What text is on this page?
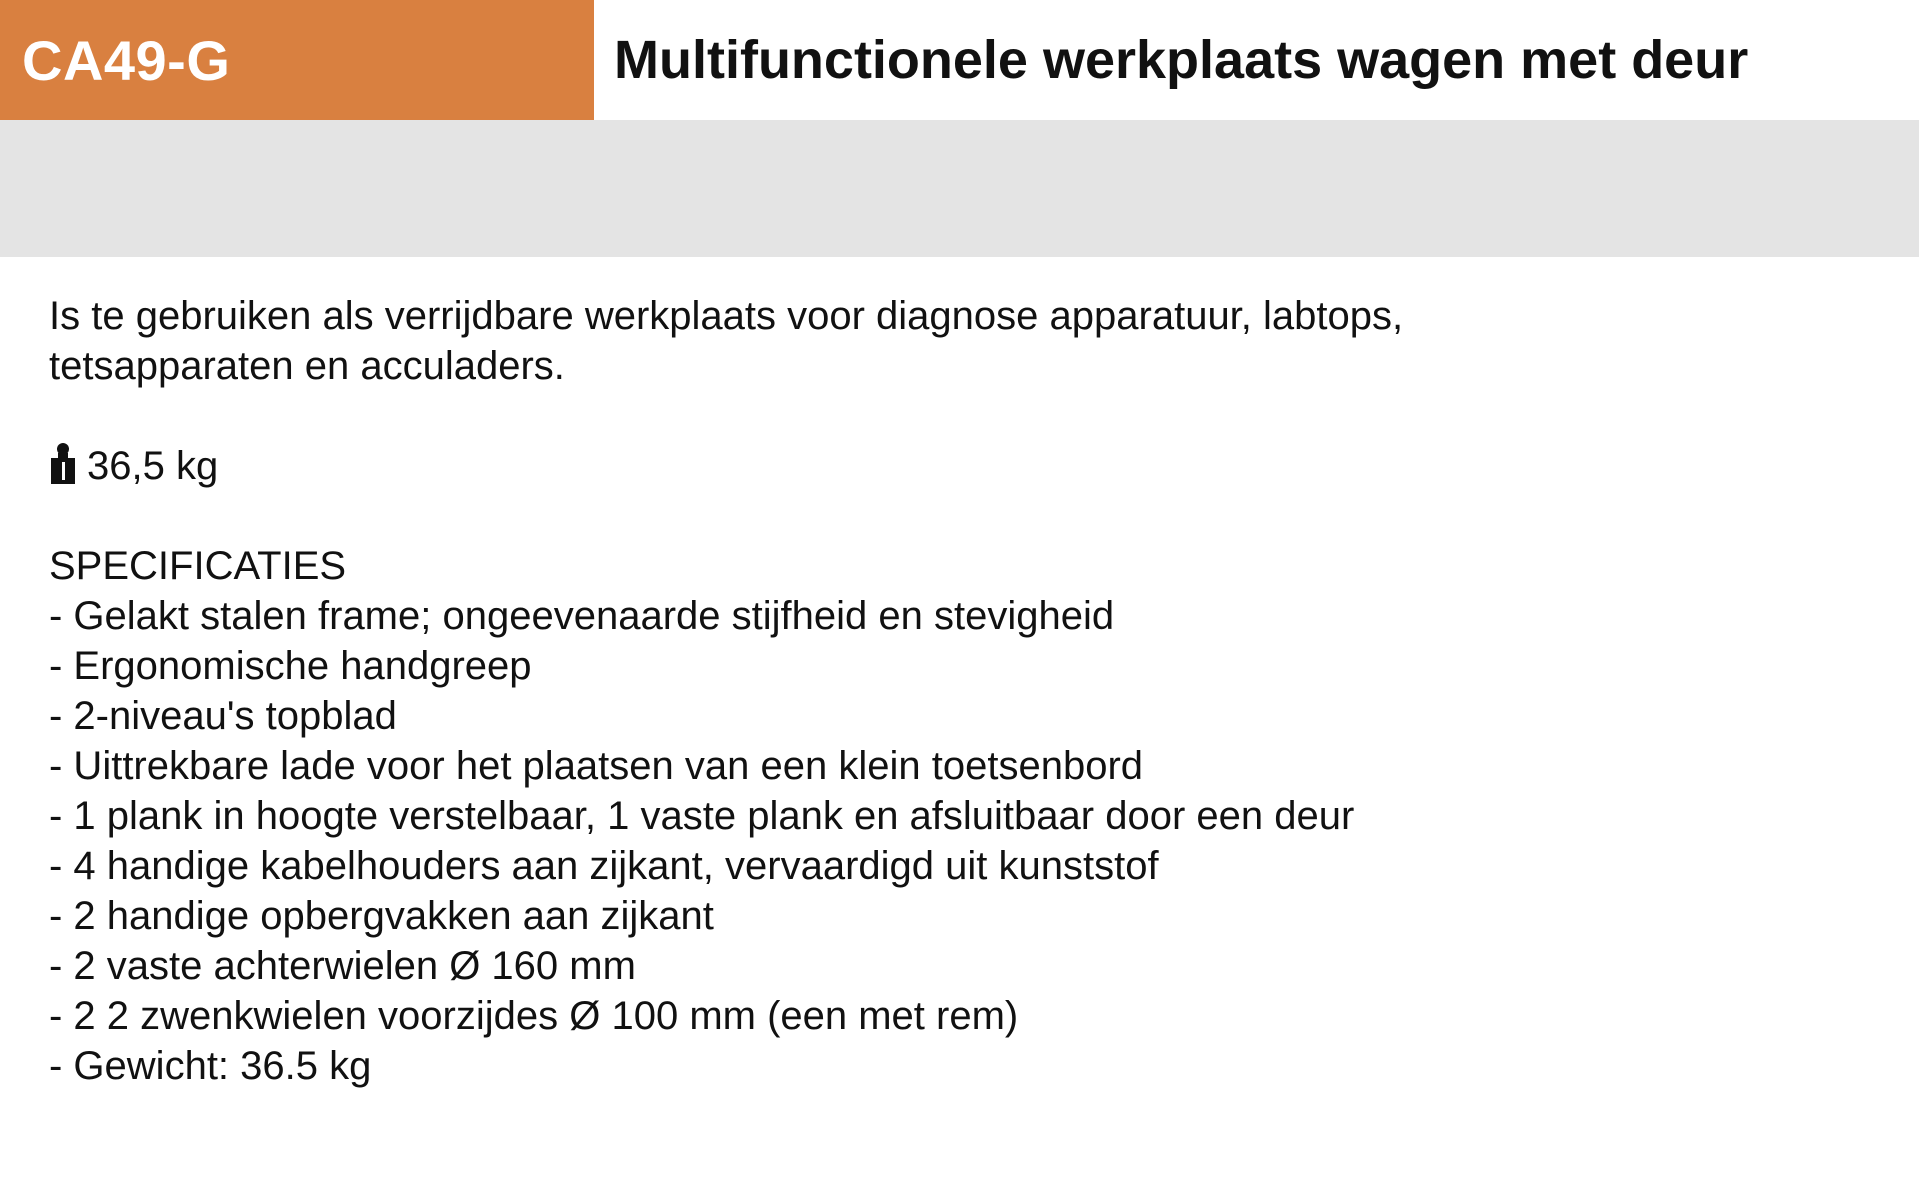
CA49-G	Multifunctionele werkplaats wagen met deur
Is te gebruiken als verrijdbare werkplaats voor diagnose apparatuur, labtops,
tetsapparaten en acculaders.
36,5 kg
SPECIFICATIES
- Gelakt stalen frame; ongeevenaarde stijfheid en stevigheid
- Ergonomische handgreep
- 2-niveau's topblad
- Uittrekbare lade voor het plaatsen van een klein toetsenbord
- 1 plank in hoogte verstelbaar, 1 vaste plank en afsluitbaar door een deur
- 4 handige kabelhouders aan zijkant, vervaardigd uit kunststof
- 2 handige opbergvakken aan zijkant
- 2 vaste achterwielen Ø 160 mm
- 2 2 zwenkwielen voorzijdes Ø 100 mm (een met rem)
- Gewicht: 36.5 kg
